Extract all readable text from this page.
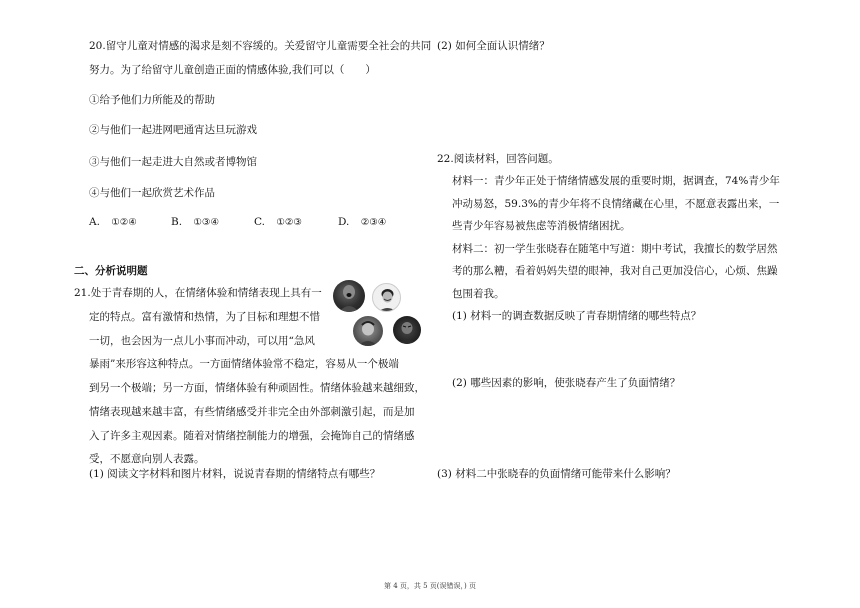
20.留守儿童对情感的渴求是刻不容缓的。关爱留守儿童需要全社会的共同
努力。为了给留守儿童创造正面的情感体验,我们可以（　　）
①给予他们力所能及的帮助
②与他们一起进网吧通宵达旦玩游戏
③与他们一起走进大自然或者博物馆
④与他们一起欣赏艺术作品
A. ①②④	B. ①③④	C. ①②③	D. ②③④
二、分析说明题
21.处于青春期的人，在情绪体验和情绪表现上具有一
定的特点。富有激情和热情，为了目标和理想不惜
一切，也会因为一点儿小事而冲动，可以用“急风
暴雨”来形容这种特点。一方面情绪体验常不稳定，容易从一个极端
到另一个极端；另一方面，情绪体验有种顽固性。情绪体验越来越细致，
情绪表现越来越丰富，有些情绪感受并非完全由外部刺激引起，而是加
入了许多主观因素。随着对情绪控制能力的增强，会掩饰自己的情绪感
受，不愿意向别人表露。
(1) 阅读文字材料和图片材料，说说青春期的情绪特点有哪些？
(2) 如何全面认识情绪？
22.阅读材料，回答问题。
材料一：青少年正处于情绪情感发展的重要时期，据调查，74%青少年
冲动易怒，59.3%的青少年将不良情绪藏在心里，不愿意表露出来，一
些青少年容易被焦虑等消极情绪困扰。
材料二：初一学生张晓春在随笔中写道：期中考试，我擅长的数学居然
考的那么糟，看着妈妈失望的眼神，我对自己更加没信心，心烦、焦躁
包围着我。
(1) 材料一的调查数据反映了青春期情绪的哪些特点？
(2) 哪些因素的影响，使张晓春产生了负面情绪？
(3) 材料二中张晓春的负面情绪可能带来什么影响？
第 4 页，共 5 页(误错误，) 页
